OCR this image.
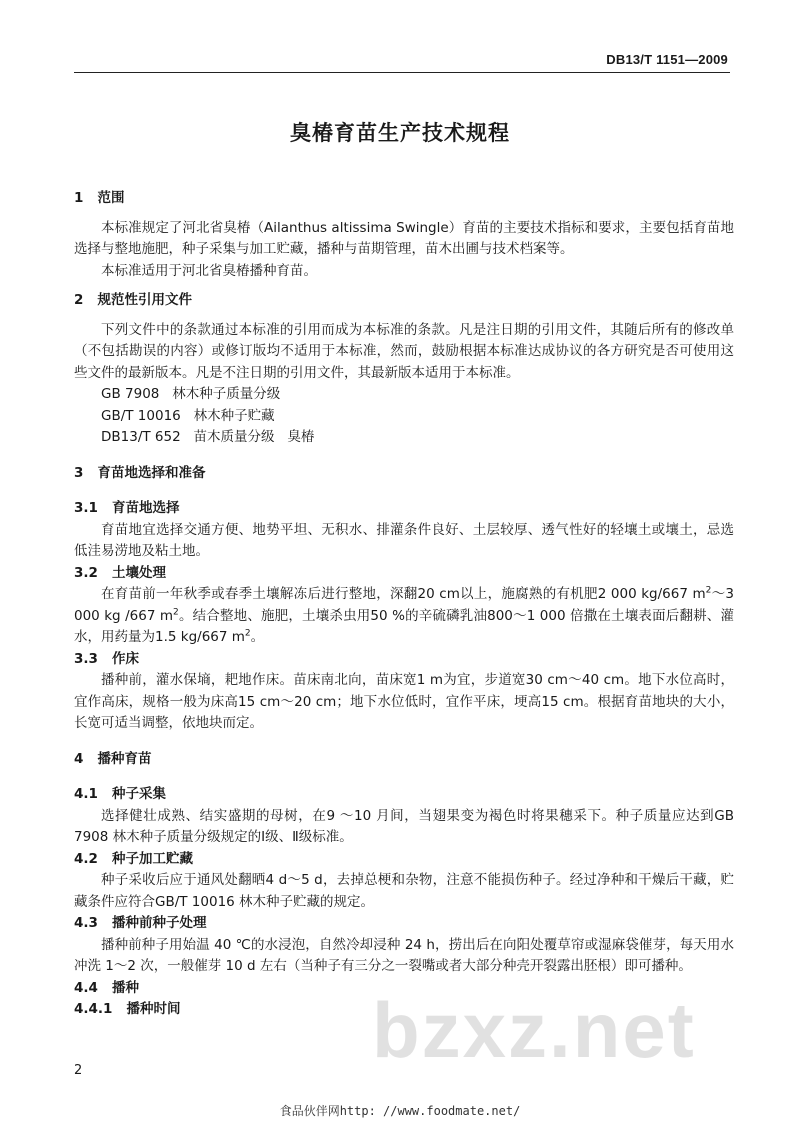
DB13/T 1151—2009
臭椿育苗生产技术规程
1   范围

本标准规定了河北省臭椿（Ailanthus altissima Swingle）育苗的主要技术指标和要求，主要包括育苗地选择与整地施肥，种子采集与加工贮藏，播种与苗期管理，苗木出圃与技术档案等。

本标准适用于河北省臭椿播种育苗。

2   规范性引用文件

下列文件中的条款通过本标准的引用而成为本标准的条款。凡是注日期的引用文件，其随后所有的修改单（不包括勘误的内容）或修订版均不适用于本标准，然而，鼓励根据本标准达成协议的各方研究是否可使用这些文件的最新版本。凡是不注日期的引用文件，其最新版本适用于本标准。

GB 7908   林木种子质量分级
GB/T 10016   林木种子贮藏
DB13/T 652   苗木质量分级   臭椿
3   育苗地选择和准备
3.1   育苗地选择

育苗地宜选择交通方便、地势平坦、无积水、排灌条件良好、土层较厚、透气性好的轻壤土或壤土，忌选低洼易涝地及粘土地。

3.2   土壤处理

在育苗前一年秋季或春季土壤解冻后进行整地，深翻20 cm以上，施腐熟的有机肥2 000 kg/667 $m^2\sim 3$ 000 kg /667 $m^2$。结合整地、施肥，土壤杀虫用50 %的辛硫磷乳油800～1 000 倍撒在土壤表面后翻耕、灌水，用药量为1.5 kg/667 $m^2$。

3.3   作床

播种前，灌水保墒，耙地作床。苗床南北向，苗床宽1 m为宜，步道宽30 cm～40 cm。地下水位高时，宜作高床，规格一般为床高15 cm～20 cm；地下水位低时，宜作平床，埂高15 cm。根据育苗地块的大小，长宽可适当调整，依地块而定。

4   播种育苗
4.1   种子采集

选择健壮成熟、结实盛期的母树，在9 ～10 月间，当翅果变为褐色时将果穗采下。种子质量应达到GB 7908 林木种子质量分级规定的Ⅰ级、Ⅱ级标准。

4.2   种子加工贮藏

种子采收后应于通风处翻晒4 d～5 d，去掉总梗和杂物，注意不能损伤种子。经过净种和干燥后干藏，贮藏条件应符合GB/T 10016 林木种子贮藏的规定。

4.3   播种前种子处理

播种前种子用始温 40 ℃的水浸泡，自然冷却浸种 24 h，捞出后在向阳处覆草帘或湿麻袋催芽，每天用水冲洗 1～2 次，一般催芽 10 d 左右（当种子有三分之一裂嘴或者大部分种壳开裂露出胚根）即可播种。

4.4   播种
4.4.1   播种时间	bzxz.net
2
食品伙伴网http: //www.foodmate.net/
